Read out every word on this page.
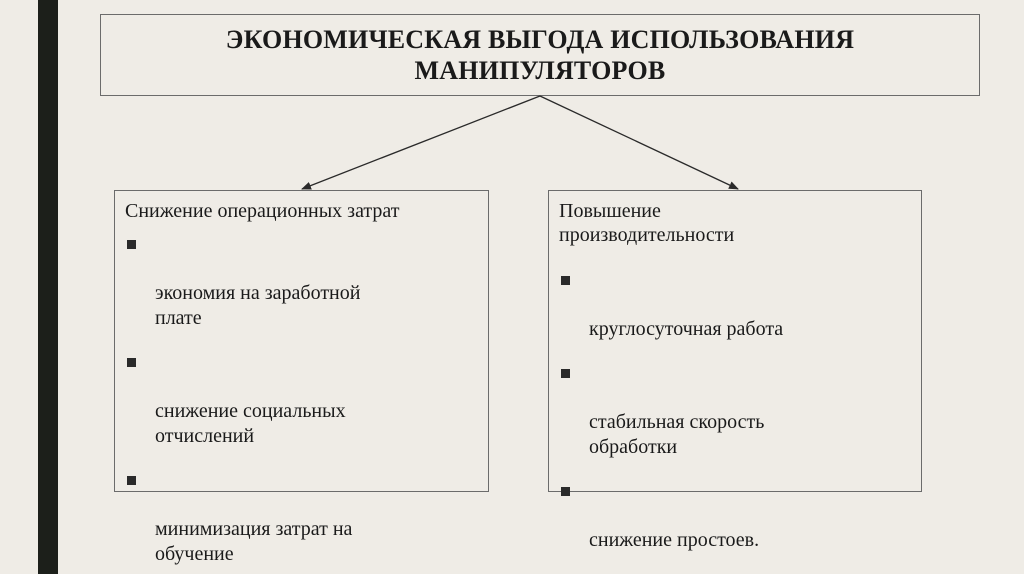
ЭКОНОМИЧЕСКАЯ ВЫГОДА ИСПОЛЬЗОВАНИЯ
МАНИПУЛЯТОРОВ
Снижение операционных затрат

экономия на заработной
плате

снижение социальных
отчислений

минимизация затрат на
обучение

Повышение
производительности

круглосуточная работа

стабильная скорость
обработки

снижение простоев.
